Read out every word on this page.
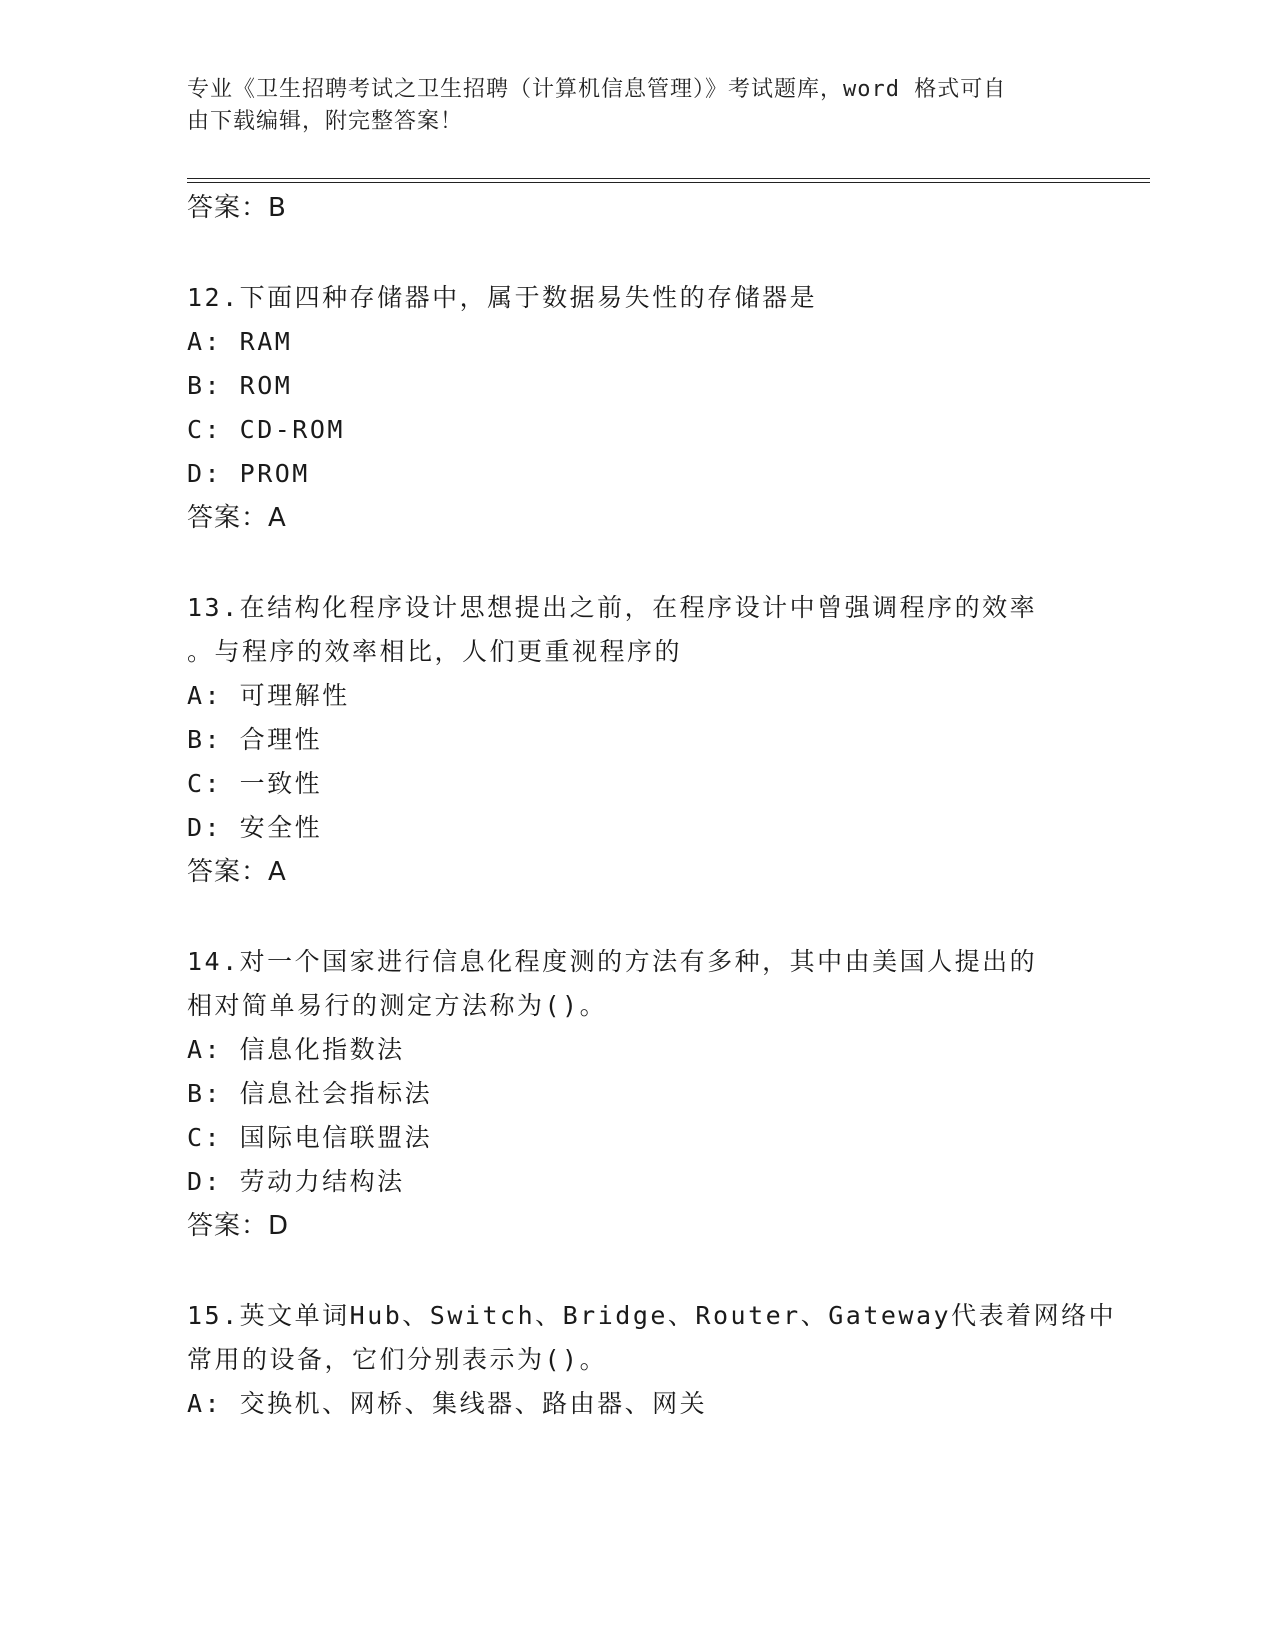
专业《卫生招聘考试之卫生招聘（计算机信息管理）》考试题库，word 格式可自
由下载编辑，附完整答案！
答案：B
12.下面四种存储器中，属于数据易失性的存储器是
A: RAM
B: ROM
C: CD-ROM
D: PROM
答案：A
13.在结构化程序设计思想提出之前，在程序设计中曾强调程序的效率
。与程序的效率相比，人们更重视程序的
A: 可理解性
B: 合理性
C: 一致性
D: 安全性
答案：A
14.对一个国家进行信息化程度测的方法有多种，其中由美国人提出的
相对简单易行的测定方法称为()。
A: 信息化指数法
B: 信息社会指标法
C: 国际电信联盟法
D: 劳动力结构法
答案：D
15.英文单词Hub、Switch、Bridge、Router、Gateway代表着网络中
常用的设备，它们分别表示为()。
A: 交换机、网桥、集线器、路由器、网关
